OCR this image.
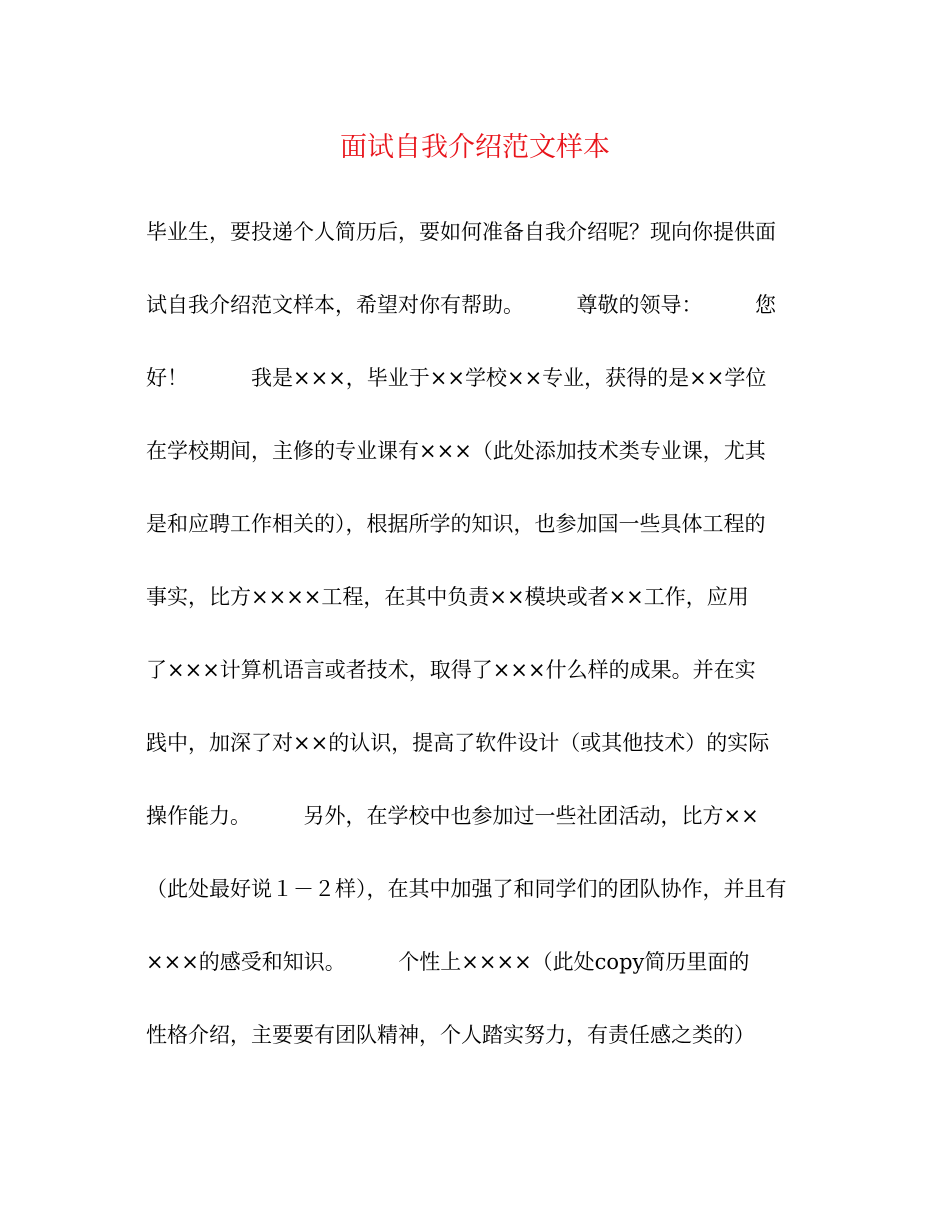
面试自我介绍范文样本
毕业生，要投递个人简历后，要如何准备自我介绍呢？现向你提供面
试自我介绍范文样本，希望对你有帮助。　　　尊敬的领导：　　　您
好！　　　我是×××，毕业于××学校××专业，获得的是××学位
在学校期间，主修的专业课有×××（此处添加技术类专业课，尤其
是和应聘工作相关的），根据所学的知识，也参加国一些具体工程的
事实，比方××××工程，在其中负责××模块或者××工作，应用
了×××计算机语言或者技术，取得了×××什么样的成果。并在实
践中，加深了对××的认识，提高了软件设计（或其他技术）的实际
操作能力。　　　另外，在学校中也参加过一些社团活动，比方××
（此处最好说１－２样），在其中加强了和同学们的团队协作，并且有
×××的感受和知识。　　　个性上××××（此处copy简历里面的
性格介绍，主要要有团队精神，个人踏实努力，有责任感之类的）
